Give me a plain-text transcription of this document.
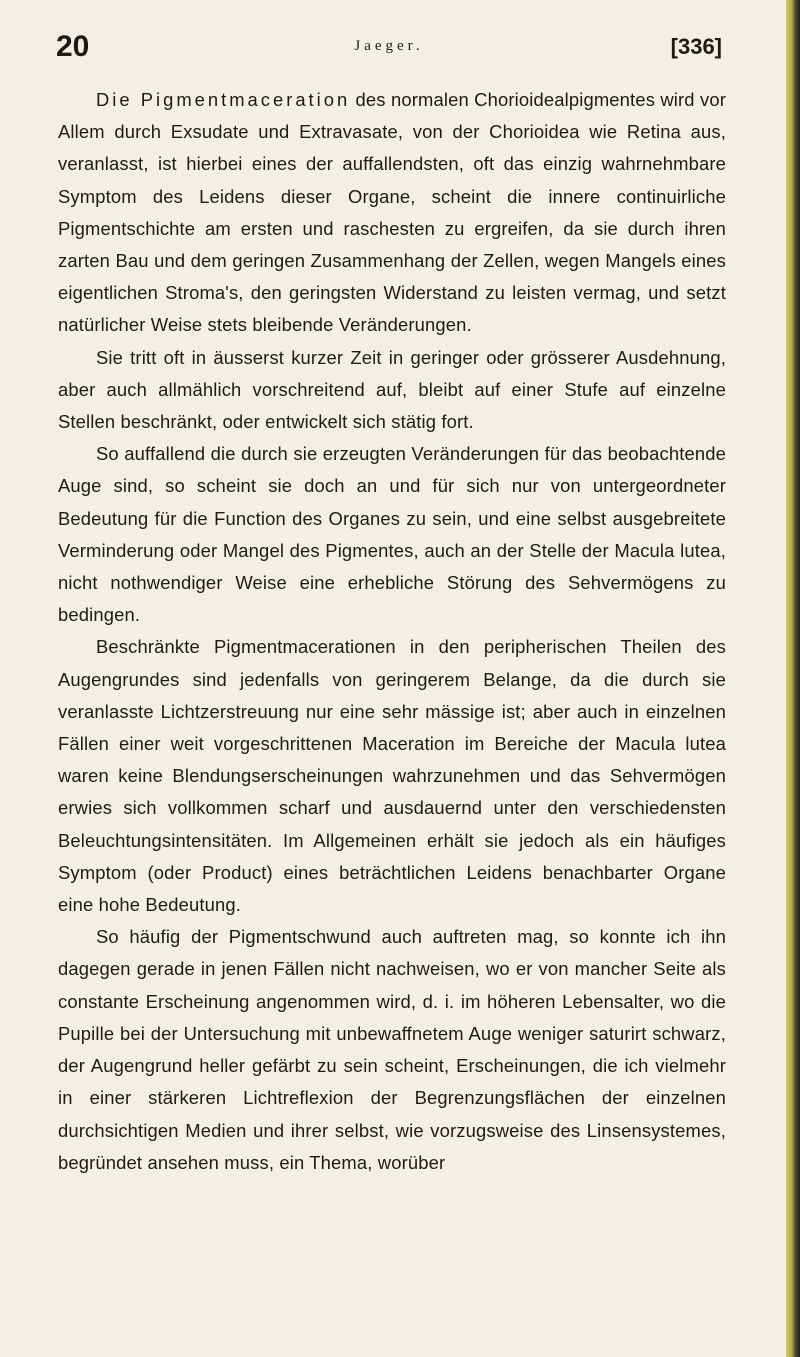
20	Jaeger.	[336]

Die Pigmentmaceration des normalen Chorioidealpigmentes wird vor Allem durch Exsudate und Extravasate, von der Chorioidea wie Retina aus, veranlasst, ist hierbei eines der auffallendsten, oft das einzig wahrnehmbare Symptom des Leidens dieser Organe, scheint die innere continuirliche Pigmentschichte am ersten und raschesten zu ergreifen, da sie durch ihren zarten Bau und dem geringen Zusammenhang der Zellen, wegen Mangels eines eigentlichen Stroma's, den geringsten Widerstand zu leisten vermag, und setzt natürlicher Weise stets bleibende Veränderungen.

Sie tritt oft in äusserst kurzer Zeit in geringer oder grösserer Ausdehnung, aber auch allmählich vorschreitend auf, bleibt auf einer Stufe auf einzelne Stellen beschränkt, oder entwickelt sich stätig fort.

So auffallend die durch sie erzeugten Veränderungen für das beobachtende Auge sind, so scheint sie doch an und für sich nur von untergeordneter Bedeutung für die Function des Organes zu sein, und eine selbst ausgebreitete Verminderung oder Mangel des Pigmentes, auch an der Stelle der Macula lutea, nicht nothwendiger Weise eine erhebliche Störung des Sehvermögens zu bedingen.

Beschränkte Pigmentmacerationen in den peripherischen Theilen des Augengrundes sind jedenfalls von geringerem Belange, da die durch sie veranlasste Lichtzerstreuung nur eine sehr mässige ist; aber auch in einzelnen Fällen einer weit vorgeschrittenen Maceration im Bereiche der Macula lutea waren keine Blendungserscheinungen wahrzunehmen und das Sehvermögen erwies sich vollkommen scharf und ausdauernd unter den verschiedensten Beleuchtungsintensitäten. Im Allgemeinen erhält sie jedoch als ein häufiges Symptom (oder Product) eines beträchtlichen Leidens benachbarter Organe eine hohe Bedeutung.

So häufig der Pigmentschwund auch auftreten mag, so konnte ich ihn dagegen gerade in jenen Fällen nicht nachweisen, wo er von mancher Seite als constante Erscheinung angenommen wird, d. i. im höheren Lebensalter, wo die Pupille bei der Untersuchung mit unbewaffnetem Auge weniger saturirt schwarz, der Augengrund heller gefärbt zu sein scheint, Erscheinungen, die ich vielmehr in einer stärkeren Lichtreflexion der Begrenzungsflächen der einzelnen durchsichtigen Medien und ihrer selbst, wie vorzugsweise des Linsensystemes, begründet ansehen muss, ein Thema, worüber
